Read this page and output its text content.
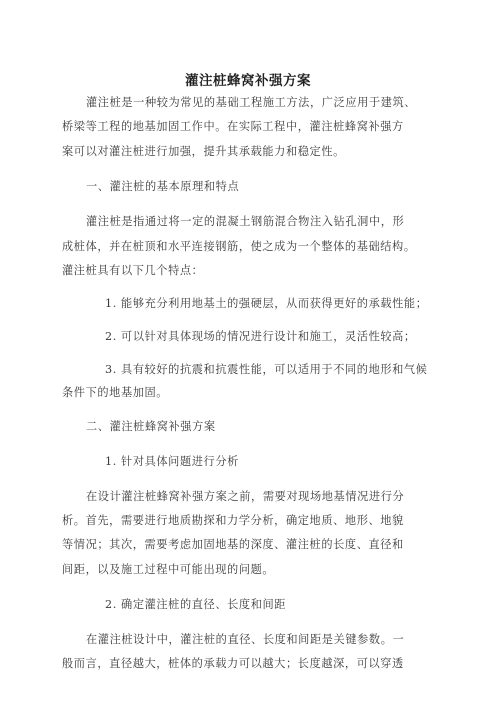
灌注桩蜂窝补强方案
灌注桩是一种较为常见的基础工程施工方法，广泛应用于建筑、
桥梁等工程的地基加固工作中。在实际工程中，灌注桩蜂窝补强方
案可以对灌注桩进行加强，提升其承载能力和稳定性。
一、灌注桩的基本原理和特点
灌注桩是指通过将一定的混凝土钢筋混合物注入钻孔洞中，形
成桩体，并在桩顶和水平连接钢筋，使之成为一个整体的基础结构。
灌注桩具有以下几个特点：
1. 能够充分利用地基土的强硬层，从而获得更好的承载性能；
2. 可以针对具体现场的情况进行设计和施工，灵活性较高；
3. 具有较好的抗震和抗震性能，可以适用于不同的地形和气候
条件下的地基加固。
二、灌注桩蜂窝补强方案
1. 针对具体问题进行分析
在设计灌注桩蜂窝补强方案之前，需要对现场地基情况进行分
析。首先，需要进行地质勘探和力学分析，确定地质、地形、地貌
等情况；其次，需要考虑加固地基的深度、灌注桩的长度、直径和
间距，以及施工过程中可能出现的问题。
2. 确定灌注桩的直径、长度和间距
在灌注桩设计中，灌注桩的直径、长度和间距是关键参数。一
般而言，直径越大，桩体的承载力可以越大；长度越深，可以穿透
